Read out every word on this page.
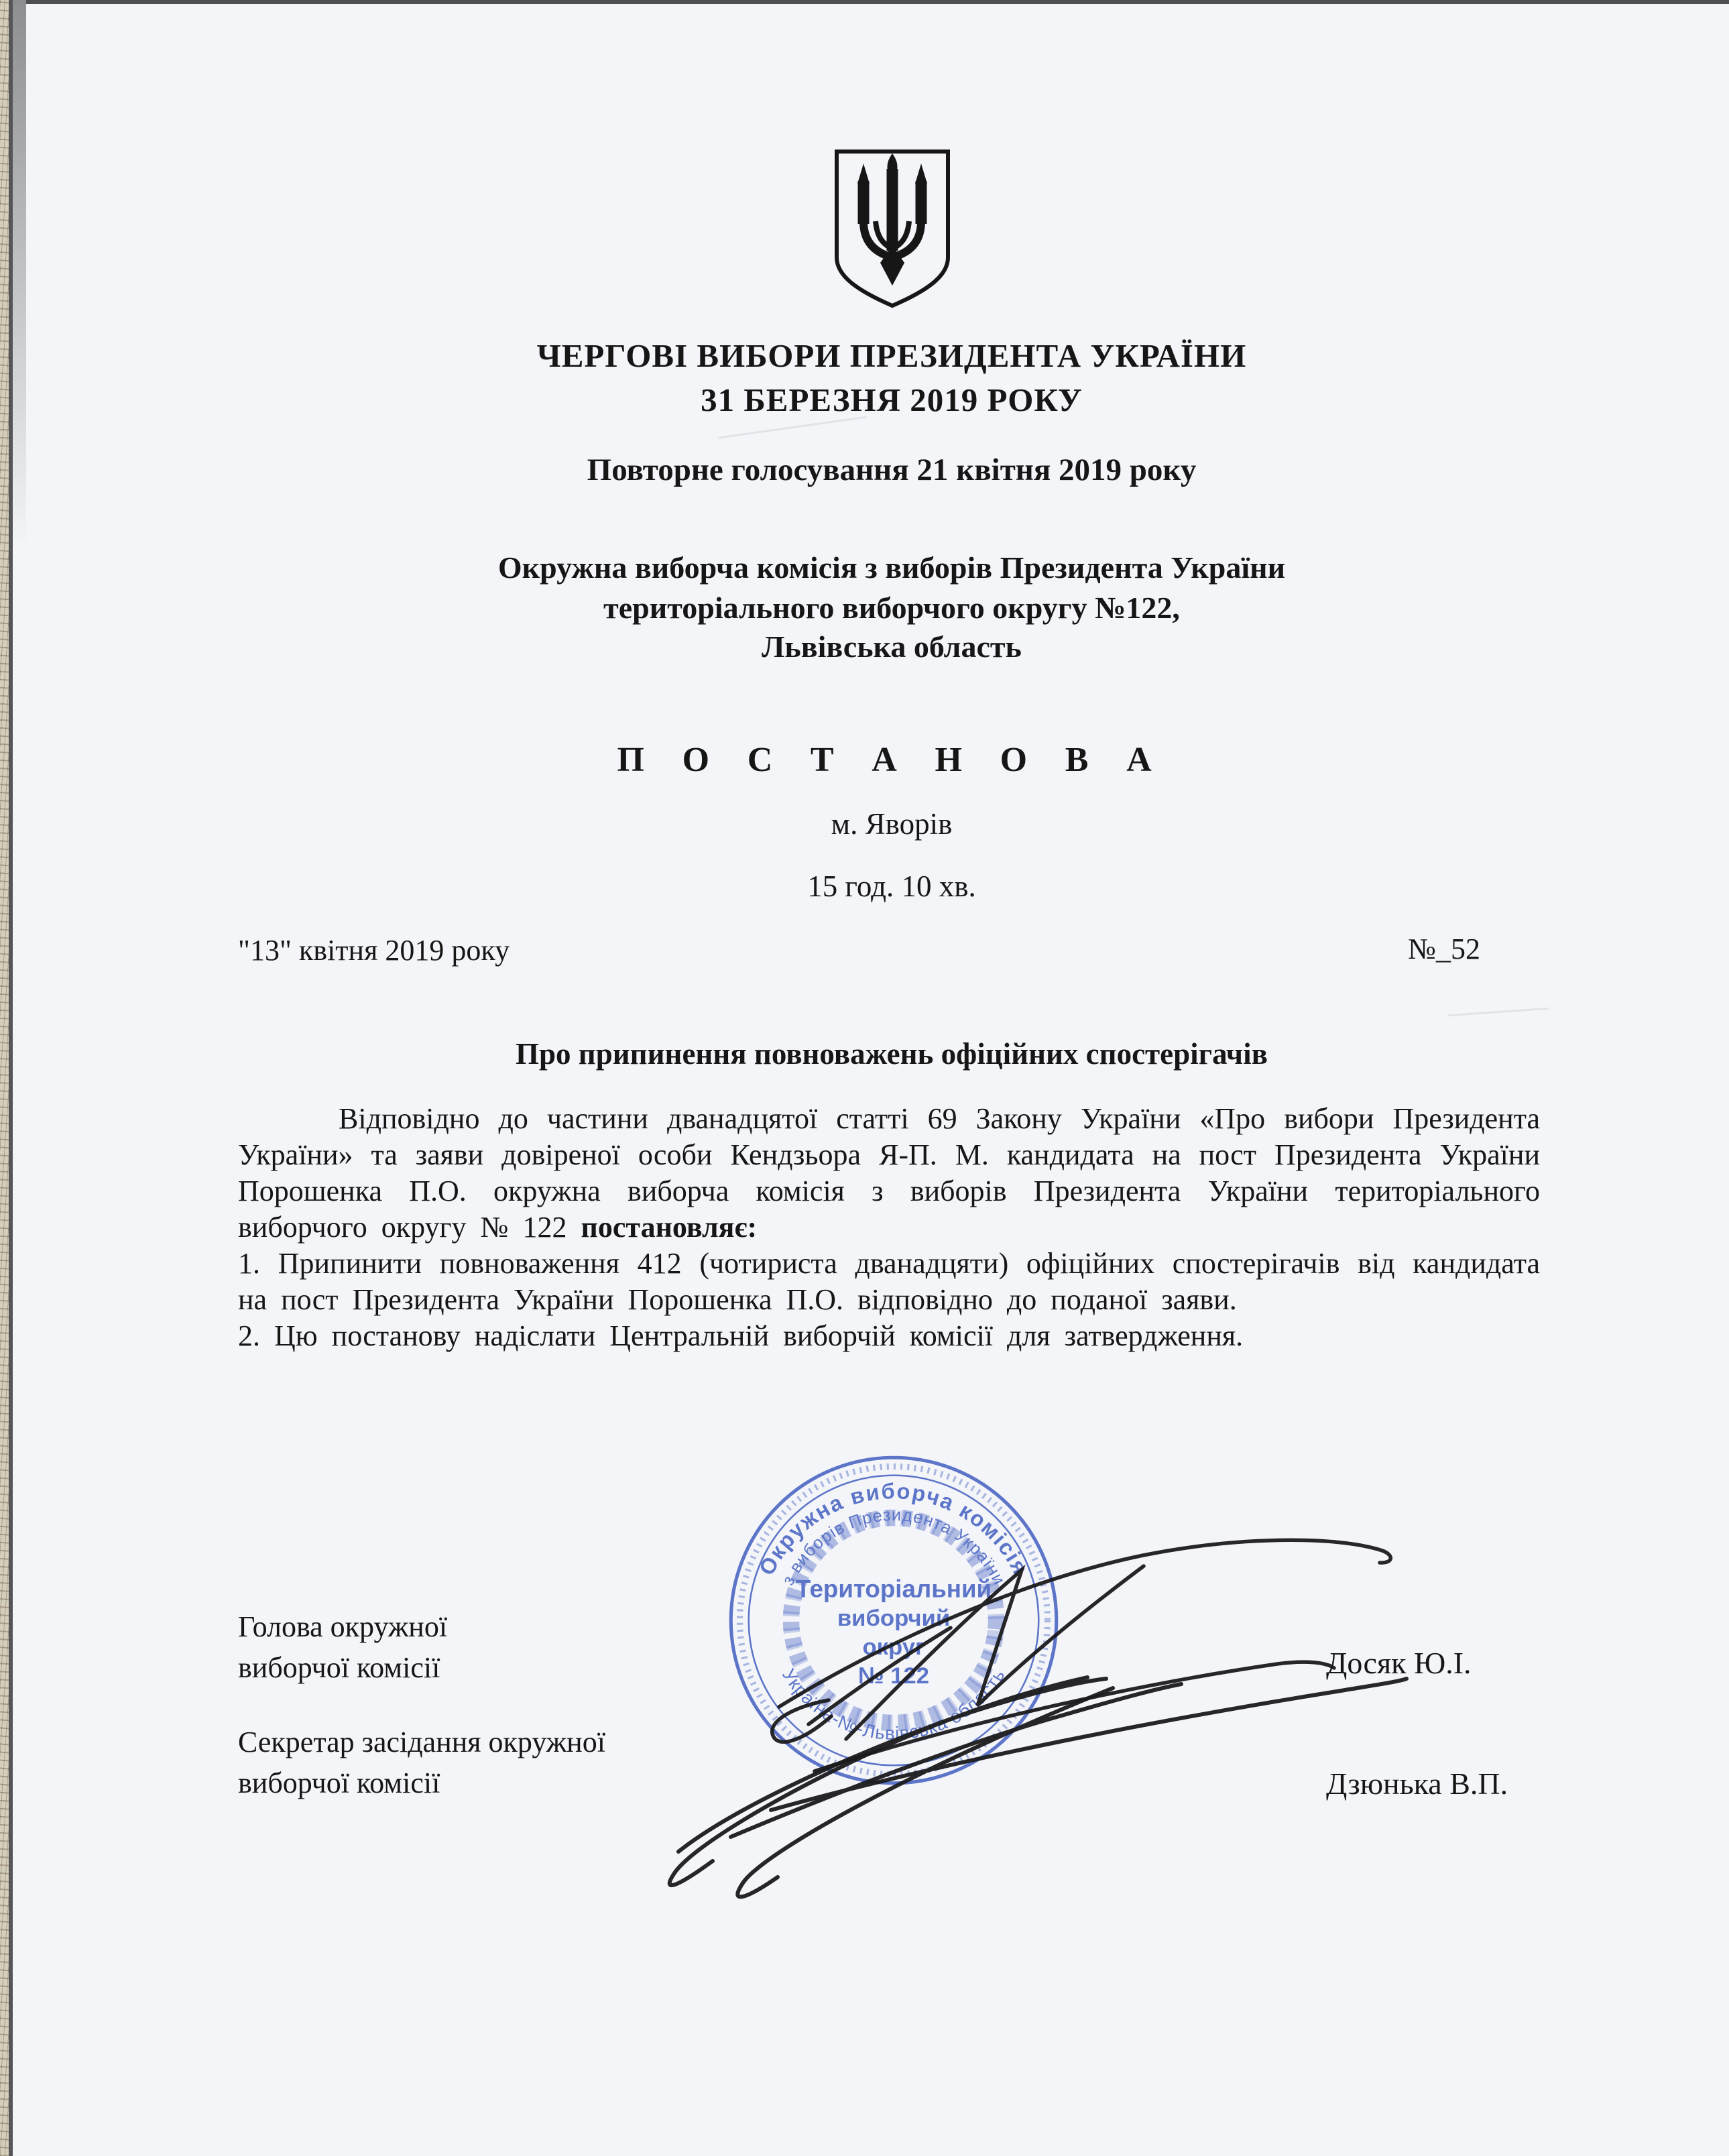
ЧЕРГОВІ ВИБОРИ ПРЕЗИДЕНТА УКРАЇНИ
31 БЕРЕЗНЯ 2019 РОКУ
Повторне голосування 21 квітня 2019 року
Окружна виборча комісія з виборів Президента України
територіального виборчого округу №122,
Львівська область
П О С Т А Н О В А
м. Яворів
15 год. 10 хв.
"13" квітня 2019 року	№_52
Про припинення повноважень офіційних спостерігачів

Відповідно до частини дванадцятої статті 69 Закону України «Про вибори Президента України» та заяви довіреної особи Кендзьора Я-П. М. кандидата на пост Президента України Порошенка П.О. окружна виборча комісія з виборів Президента України територіального виборчого округу № 122 постановляє:

1. Припинити повноваження 412 (чотириста дванадцяти) офіційних спостерігачів від кандидата на пост Президента України Порошенка П.О. відповідно до поданої заяви.

2. Цю постанову надіслати Центральній виборчій комісії для затвердження.

Голова окружної
виборчої комісії	Досяк Ю.І.
Секретар засідання окружної
виборчої комісії	Дзюнька В.П.
Окружна виборча комісія
з виборів Президента України
Україна-№-Львівська область
Територіальний
виборчий
округ
№ 122
